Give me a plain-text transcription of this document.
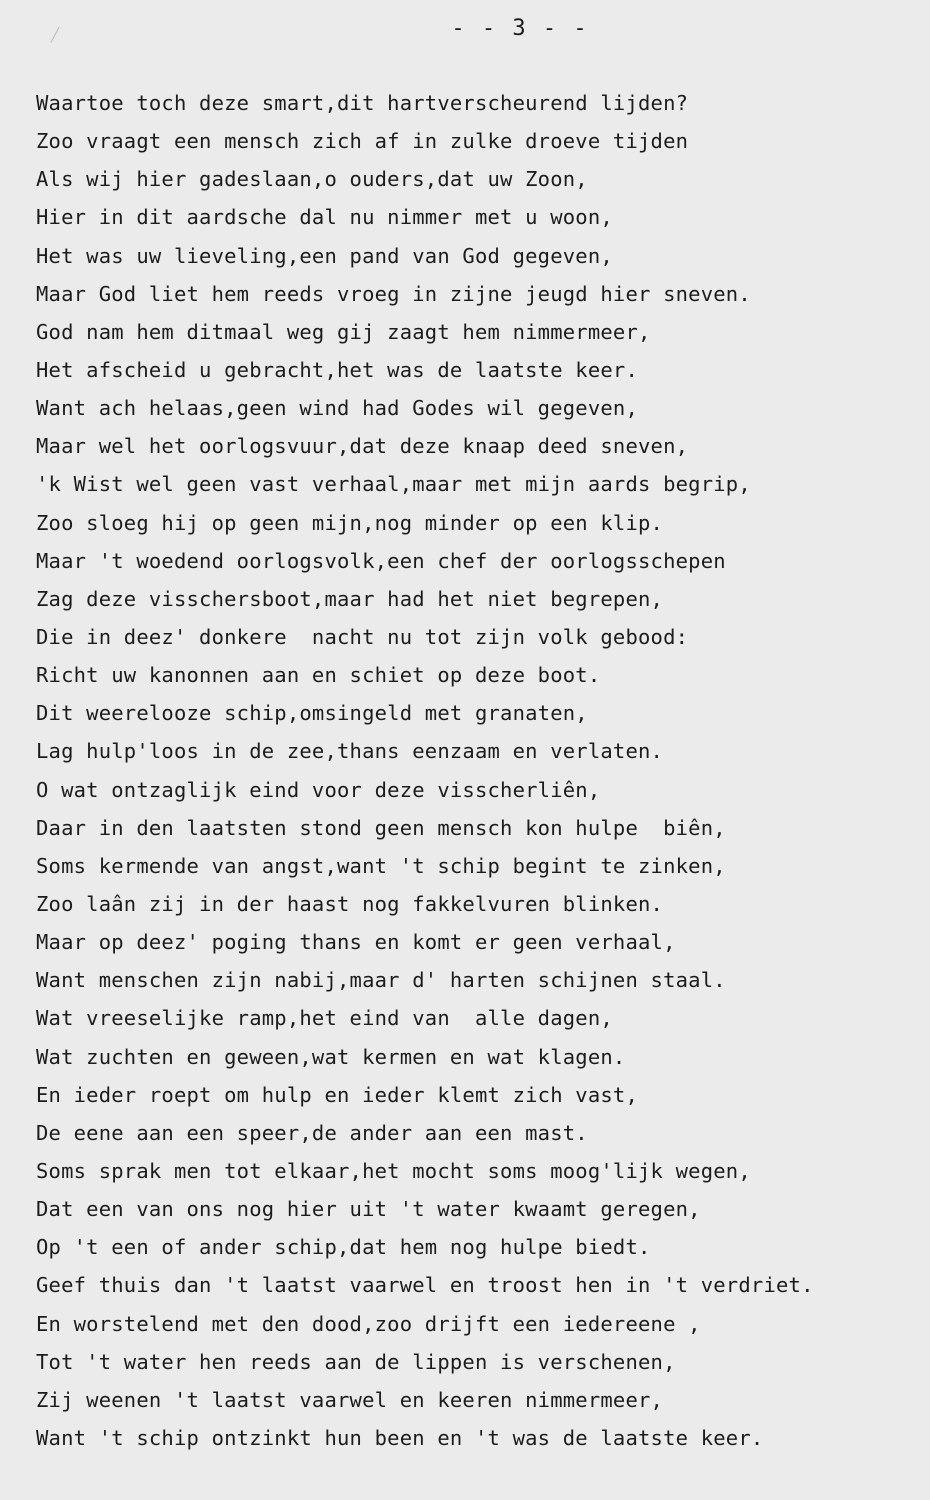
- - 3 - -
Waartoe toch deze smart,dit hartverscheurend lijden?
Zoo vraagt een mensch zich af in zulke droeve tijden
Als wij hier gadeslaan,o ouders,dat uw Zoon,
Hier in dit aardsche dal nu nimmer met u woon,
Het was uw lieveling,een pand van God gegeven,
Maar God liet hem reeds vroeg in zijne jeugd hier sneven.
God nam hem ditmaal weg gij zaagt hem nimmermeer,
Het afscheid u gebracht,het was de laatste keer.
Want ach helaas,geen wind had Godes wil gegeven,
Maar wel het oorlogsvuur,dat deze knaap deed sneven,
'k Wist wel geen vast verhaal,maar met mijn aards begrip,
Zoo sloeg hij op geen mijn,nog minder op een klip.
Maar 't woedend oorlogsvolk,een chef der oorlogsschepen
Zag deze visschersboot,maar had het niet begrepen,
Die in deez' donkere  nacht nu tot zijn volk gebood:
Richt uw kanonnen aan en schiet op deze boot.
Dit weerelooze schip,omsingeld met granaten,
Lag hulp'loos in de zee,thans eenzaam en verlaten.
O wat ontzaglijk eind voor deze visscherliên,
Daar in den laatsten stond geen mensch kon hulpe  biên,
Soms kermende van angst,want 't schip begint te zinken,
Zoo laân zij in der haast nog fakkelvuren blinken.
Maar op deez' poging thans en komt er geen verhaal,
Want menschen zijn nabij,maar d' harten schijnen staal.
Wat vreeselijke ramp,het eind van  alle dagen,
Wat zuchten en geween,wat kermen en wat klagen.
En ieder roept om hulp en ieder klemt zich vast,
De eene aan een speer,de ander aan een mast.
Soms sprak men tot elkaar,het mocht soms moog'lijk wegen,
Dat een van ons nog hier uit 't water kwaamt geregen,
Op 't een of ander schip,dat hem nog hulpe biedt.
Geef thuis dan 't laatst vaarwel en troost hen in 't verdriet.
En worstelend met den dood,zoo drijft een iedereene ,
Tot 't water hen reeds aan de lippen is verschenen,
Zij weenen 't laatst vaarwel en keeren nimmermeer,
Want 't schip ontzinkt hun been en 't was de laatste keer.
